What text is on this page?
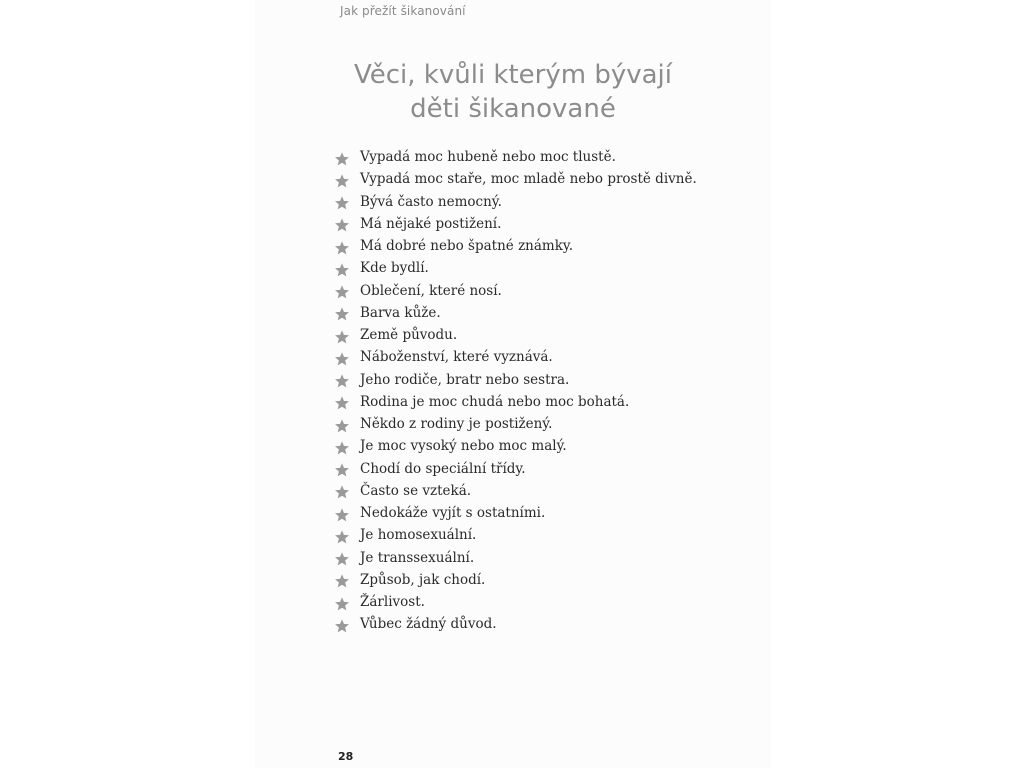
Jak přežít šikanování
Věci, kvůli kterým bývají
děti šikanované
Vypadá moc hubeně nebo moc tlustě.
Vypadá moc staře, moc mladě nebo prostě divně.
Bývá často nemocný.
Má nějaké postižení.
Má dobré nebo špatné známky.
Kde bydlí.
Oblečení, které nosí.
Barva kůže.
Země původu.
Náboženství, které vyznává.
Jeho rodiče, bratr nebo sestra.
Rodina je moc chudá nebo moc bohatá.
Někdo z rodiny je postižený.
Je moc vysoký nebo moc malý.
Chodí do speciální třídy.
Často se vzteká.
Nedokáže vyjít s ostatními.
Je homosexuální.
Je transsexuální.
Způsob, jak chodí.
Žárlivost.
Vůbec žádný důvod.
28
